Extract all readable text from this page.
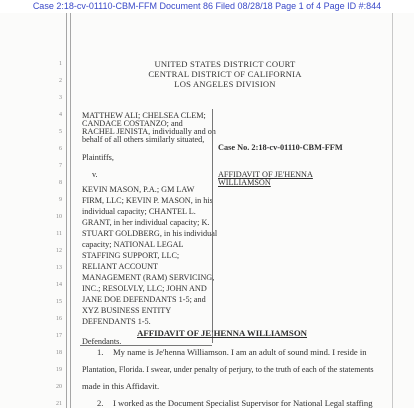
Case 2:18-cv-01110-CBM-FFM Document 86 Filed 08/28/18 Page 1 of 4 Page ID #:844
1
2
3
4
5
6
7
8
9
10
11
12
13
14
15
16
17
18
19
UNITED STATES DISTRICT COURT
CENTRAL DISTRICT OF CALIFORNIA
LOS ANGELES DIVISION
MATTHEW ALI; CHELSEA CLEM;
CANDACE COSTANZO; and
RACHEL JENISTA, individually and on
behalf of all others similarly situated,
Plaintiffs,
v.
KEVIN MASON, P.A.; GM LAW
FIRM, LLC; KEVIN P. MASON, in his
individual capacity; CHANTEL L.
GRANT, in her individual capacity; K.
STUART GOLDBERG, in his individual
capacity; NATIONAL LEGAL
STAFFING SUPPORT, LLC;
RELIANT ACCOUNT
MANAGEMENT (RAM) SERVICING,
INC.; RESOLVLY, LLC; JOHN AND
JANE DOE DEFENDANTS 1-5; and
XYZ BUSINESS ENTITY
DEFENDANTS 1-5.
Defendants.
Case No. 2:18-cv-01110-CBM-FFM
AFFIDAVIT OF JE'HENNA
WILLIAMSON
AFFIDAVIT OF JE'HENNA WILLIAMSON
1. My name is Je'henna Williamson. I am an adult of sound mind. I reside in
Plantation, Florida. I swear, under penalty of perjury, to the truth of each of the statements
made in this Affidavit.
2. I worked as the Document Specialist Supervisor for National Legal staffing
20
21
